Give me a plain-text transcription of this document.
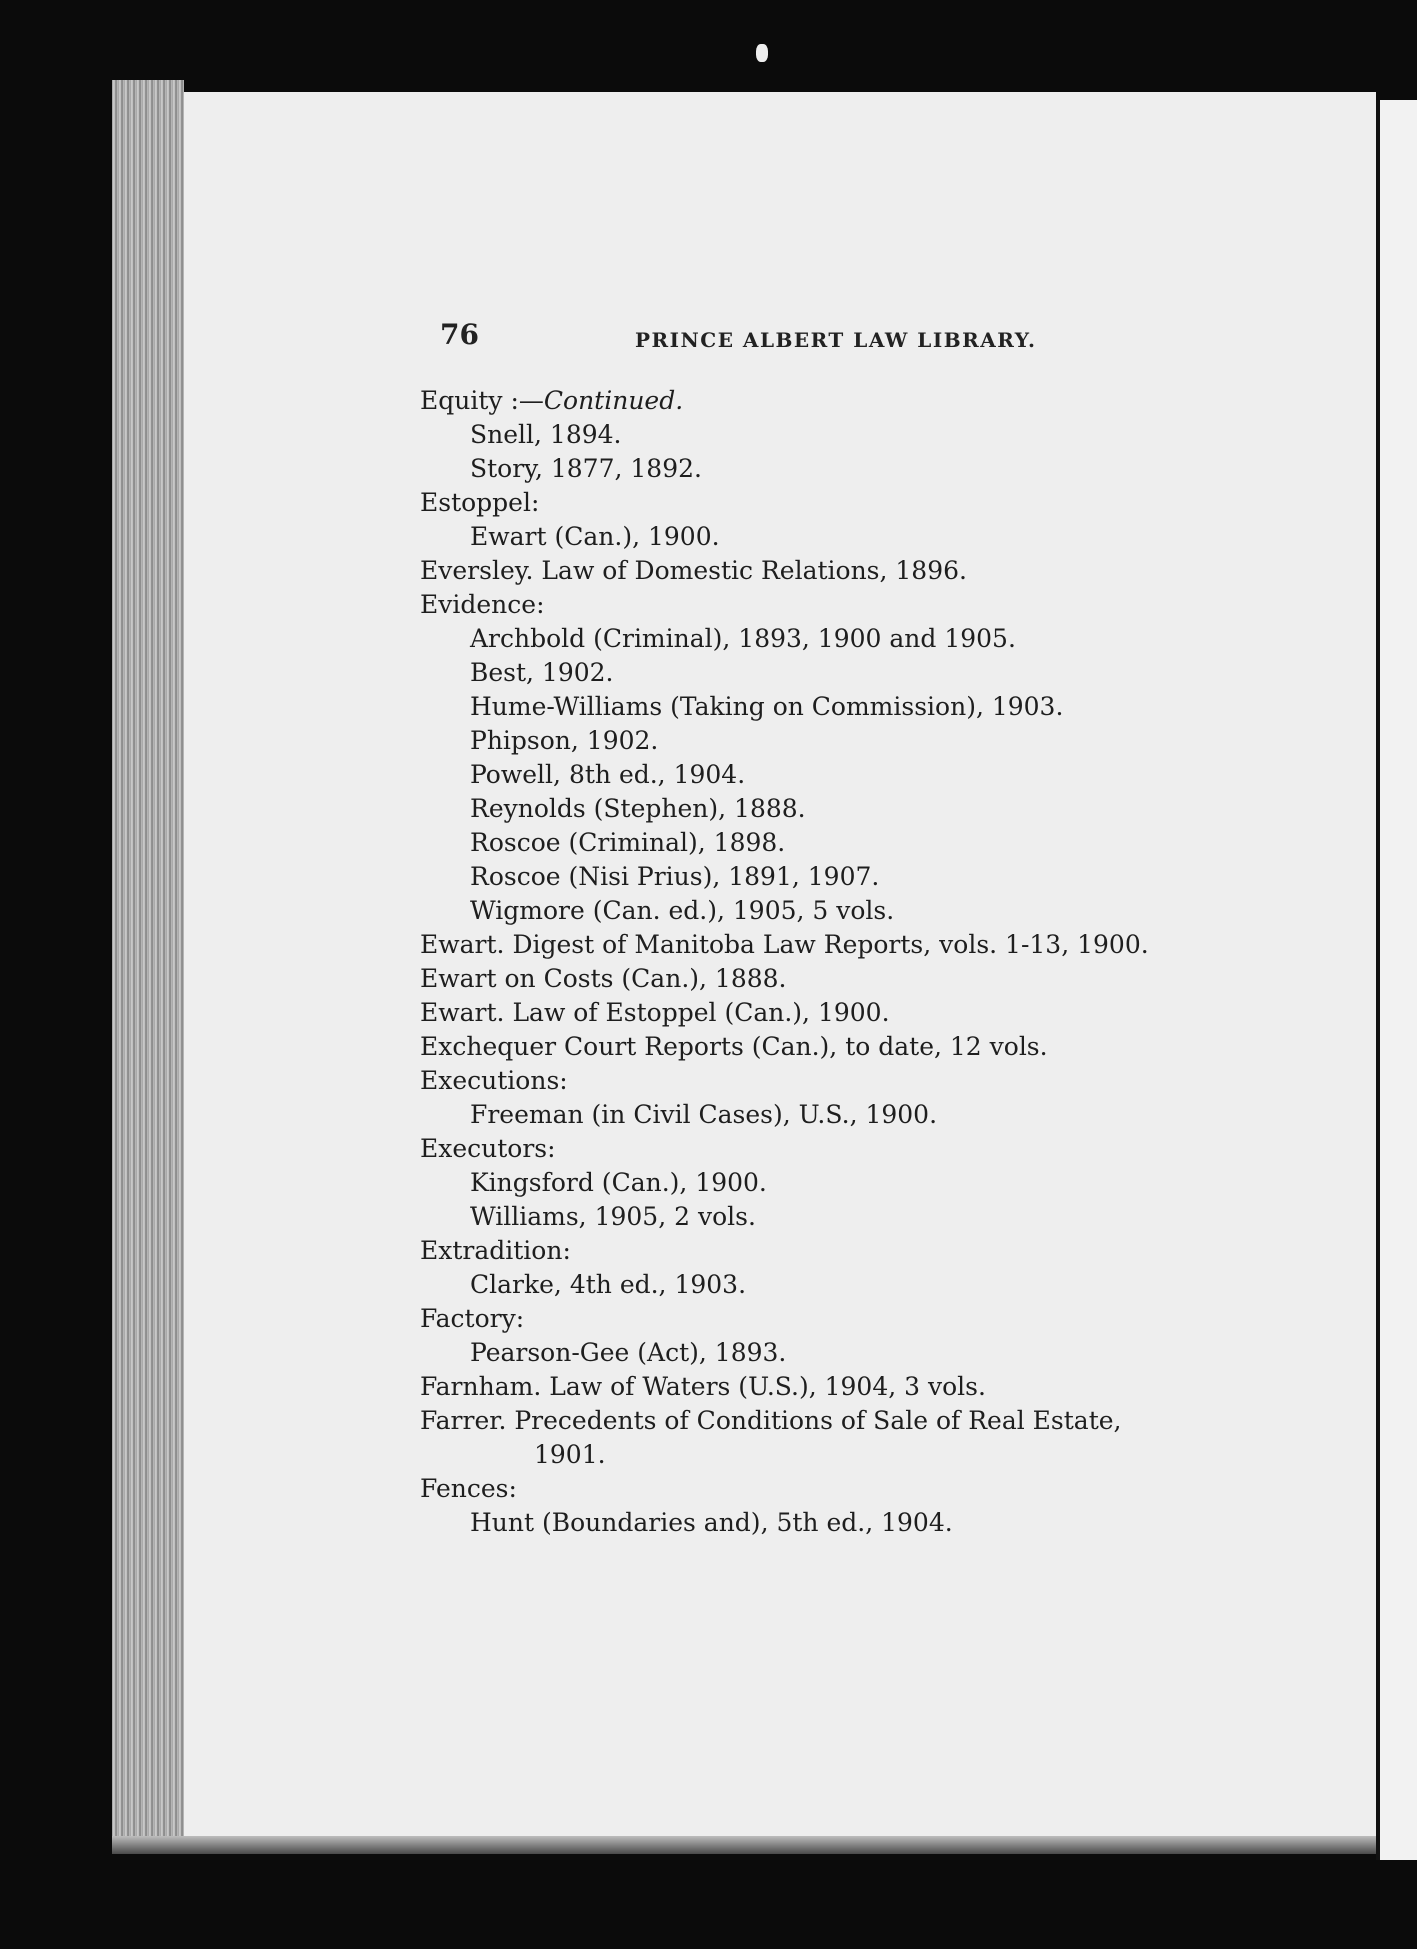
76	PRINCE ALBERT LAW LIBRARY.
Equity :—Continued.
Snell, 1894.
Story, 1877, 1892.
Estoppel:
Ewart (Can.), 1900.
Eversley. Law of Domestic Relations, 1896.
Evidence:
Archbold (Criminal), 1893, 1900 and 1905.
Best, 1902.
Hume-Williams (Taking on Commission), 1903.
Phipson, 1902.
Powell, 8th ed., 1904.
Reynolds (Stephen), 1888.
Roscoe (Criminal), 1898.
Roscoe (Nisi Prius), 1891, 1907.
Wigmore (Can. ed.), 1905, 5 vols.
Ewart. Digest of Manitoba Law Reports, vols. 1-13, 1900.
Ewart on Costs (Can.), 1888.
Ewart. Law of Estoppel (Can.), 1900.
Exchequer Court Reports (Can.), to date, 12 vols.
Executions:
Freeman (in Civil Cases), U.S., 1900.
Executors:
Kingsford (Can.), 1900.
Williams, 1905, 2 vols.
Extradition:
Clarke, 4th ed., 1903.
Factory:
Pearson-Gee (Act), 1893.
Farnham. Law of Waters (U.S.), 1904, 3 vols.
Farrer. Precedents of Conditions of Sale of Real Estate,
1901.
Fences:
Hunt (Boundaries and), 5th ed., 1904.
